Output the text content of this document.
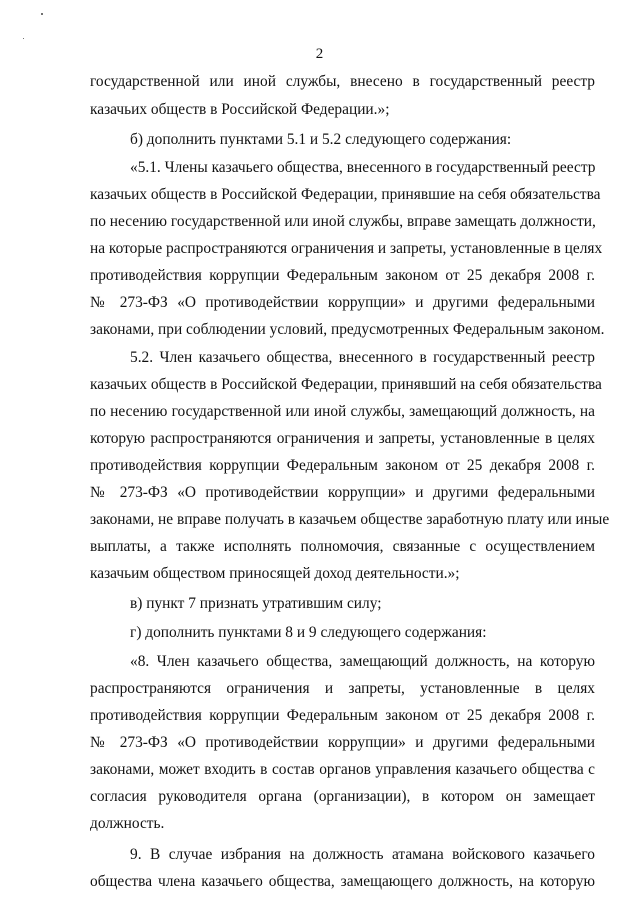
2
государственной или иной службы, внесено в государственный реестр
казачьих обществ в Российской Федерации.»;
б) дополнить пунктами 5.1 и 5.2 следующего содержания:
«5.1. Члены казачьего общества, внесенного в государственный реестр
казачьих обществ в Российской Федерации, принявшие на себя обязательства
по несению государственной или иной службы, вправе замещать должности,
на которые распространяются ограничения и запреты, установленные в целях
противодействия коррупции Федеральным законом от 25 декабря 2008 г.
№ 273-ФЗ «О противодействии коррупции» и другими федеральными
законами, при соблюдении условий, предусмотренных Федеральным законом.
5.2. Член казачьего общества, внесенного в государственный реестр
казачьих обществ в Российской Федерации, принявший на себя обязательства
по несению государственной или иной службы, замещающий должность, на
которую распространяются ограничения и запреты, установленные в целях
противодействия коррупции Федеральным законом от 25 декабря 2008 г.
№ 273-ФЗ «О противодействии коррупции» и другими федеральными
законами, не вправе получать в казачьем обществе заработную плату или иные
выплаты, а также исполнять полномочия, связанные с осуществлением
казачьим обществом приносящей доход деятельности.»;
в) пункт 7 признать утратившим силу;
г) дополнить пунктами 8 и 9 следующего содержания:
«8. Член казачьего общества, замещающий должность, на которую
распространяются ограничения и запреты, установленные в целях
противодействия коррупции Федеральным законом от 25 декабря 2008 г.
№ 273-ФЗ «О противодействии коррупции» и другими федеральными
законами, может входить в состав органов управления казачьего общества с
согласия руководителя органа (организации), в котором он замещает
должность.
9. В случае избрания на должность атамана войскового казачьего
общества члена казачьего общества, замещающего должность, на которую
